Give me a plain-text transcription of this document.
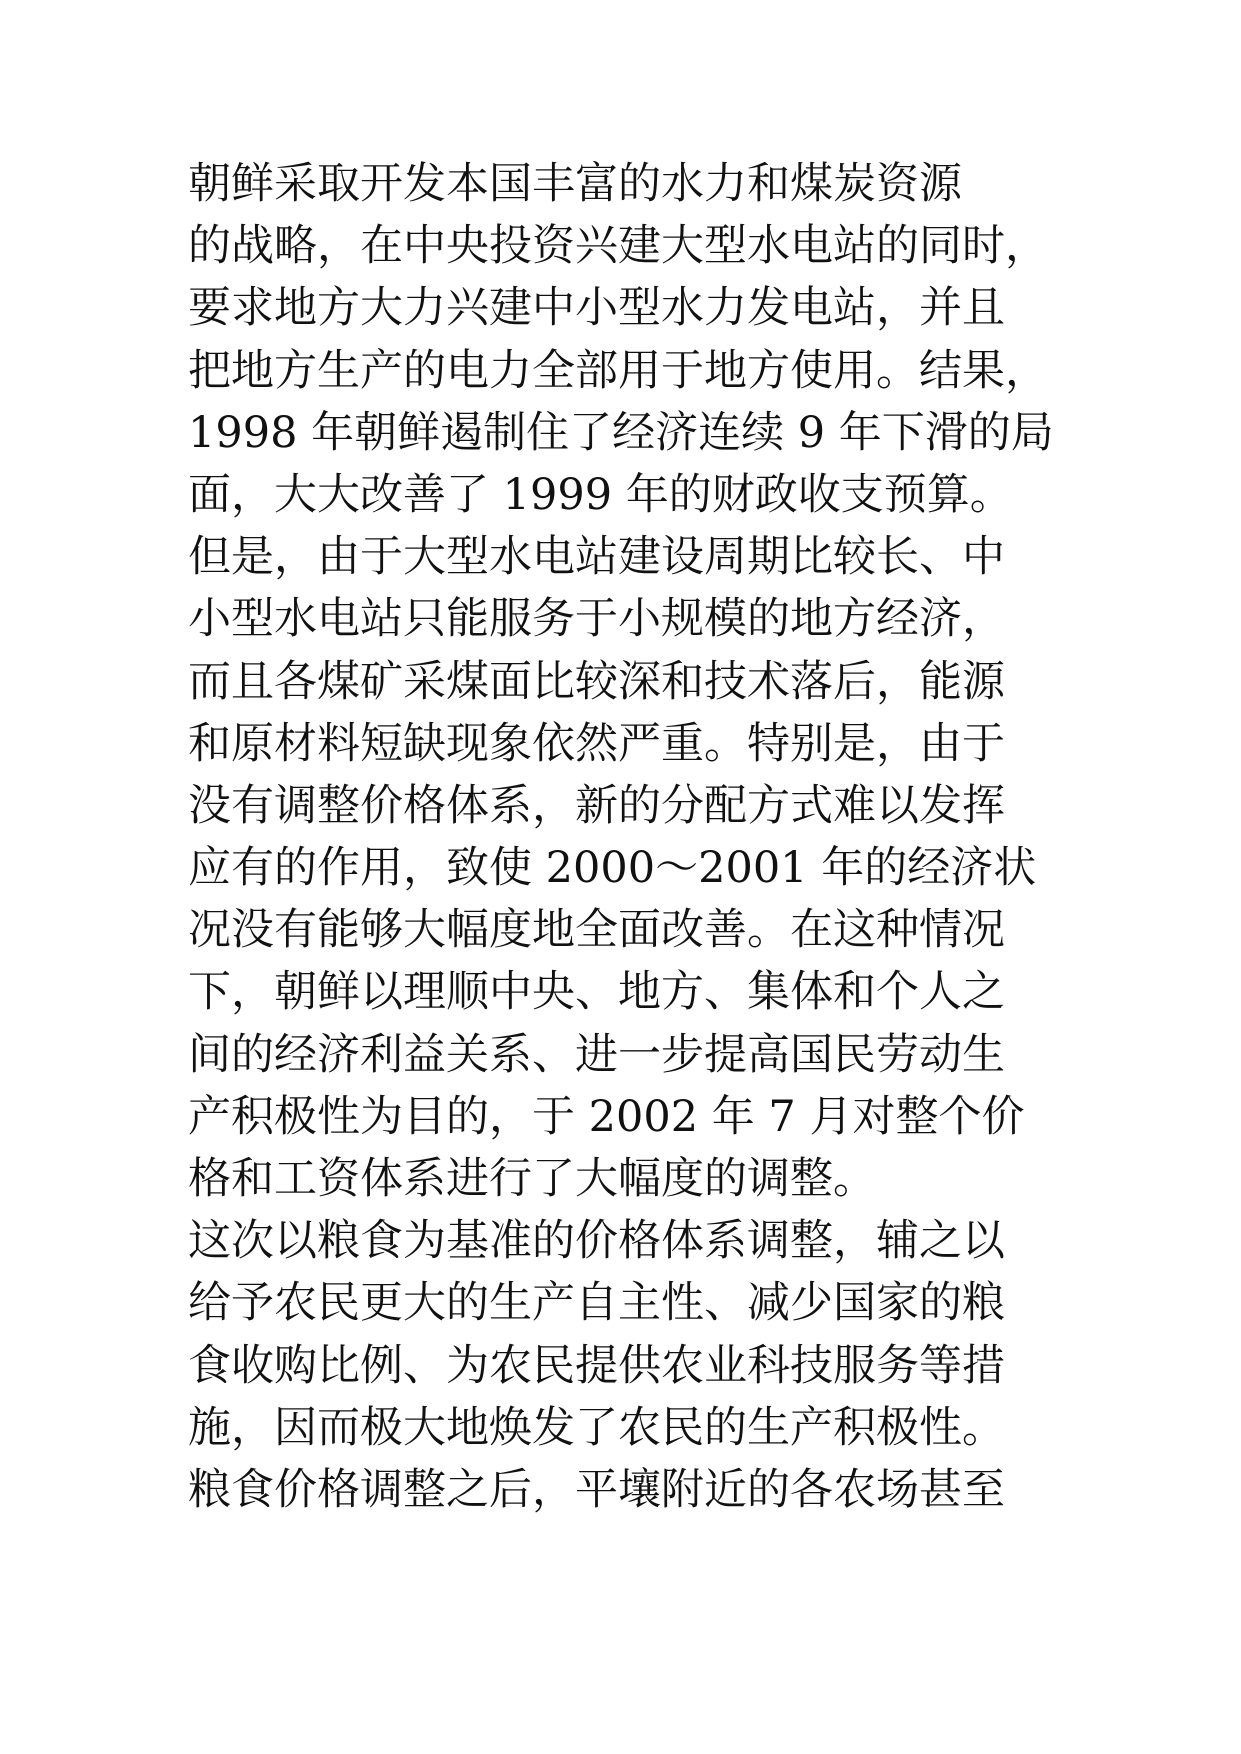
朝鲜采取开发本国丰富的水力和煤炭资源
的战略，在中央投资兴建大型水电站的同时，
要求地方大力兴建中小型水力发电站，并且
把地方生产的电力全部用于地方使用。结果，
1998 年朝鲜遏制住了经济连续 9 年下滑的局
面，大大改善了 1999 年的财政收支预算。
但是，由于大型水电站建设周期比较长、中
小型水电站只能服务于小规模的地方经济，
而且各煤矿采煤面比较深和技术落后，能源
和原材料短缺现象依然严重。特别是，由于
没有调整价格体系，新的分配方式难以发挥
应有的作用，致使 2000～2001 年的经济状
况没有能够大幅度地全面改善。在这种情况
下，朝鲜以理顺中央、地方、集体和个人之
间的经济利益关系、进一步提高国民劳动生
产积极性为目的，于 2002 年 7 月对整个价
格和工资体系进行了大幅度的调整。
这次以粮食为基准的价格体系调整，辅之以
给予农民更大的生产自主性、减少国家的粮
食收购比例、为农民提供农业科技服务等措
施，因而极大地焕发了农民的生产积极性。
粮食价格调整之后，平壤附近的各农场甚至
